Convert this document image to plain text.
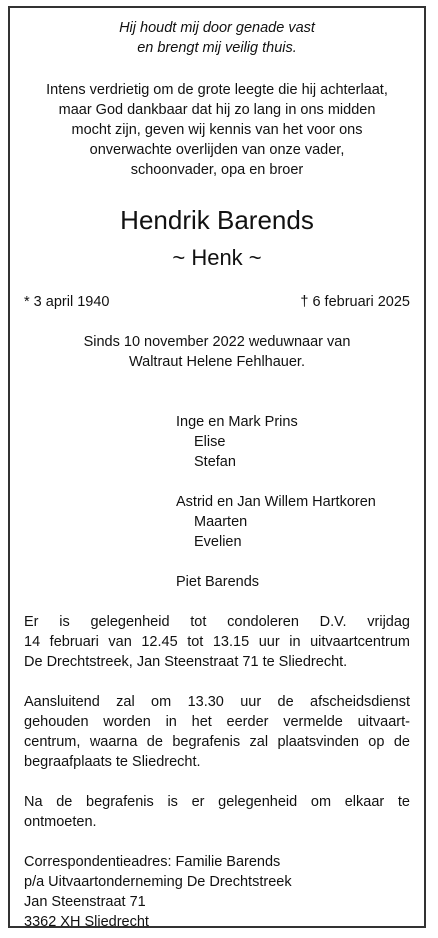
Hij houdt mij door genade vast
en brengt mij veilig thuis.
Intens verdrietig om de grote leegte die hij achterlaat,
maar God dankbaar dat hij zo lang in ons midden
mocht zijn, geven wij kennis van het voor ons
onverwachte overlijden van onze vader,
schoonvader, opa en broer
Hendrik Barends
~ Henk ~
* 3 april 1940	† 6 februari 2025
Sinds 10 november 2022 weduwnaar van
Waltraut Helene Fehlhauer.
Inge en Mark Prins
Elise
Stefan
Astrid en Jan Willem Hartkoren
Maarten
Evelien
Piet Barends
Er is gelegenheid tot condoleren D.V. vrijdag
14 februari van 12.45 tot 13.15 uur in uitvaartcentrum
De Drechtstreek, Jan Steenstraat 71 te Sliedrecht.
Aansluitend zal om 13.30 uur de afscheidsdienst
gehouden worden in het eerder vermelde uitvaart-
centrum, waarna de begrafenis zal plaatsvinden op de
begraafplaats te Sliedrecht.
Na de begrafenis is er gelegenheid om elkaar te
ontmoeten.
Correspondentieadres: Familie Barends
p/a Uitvaartonderneming De Drechtstreek
Jan Steenstraat 71
3362 XH Sliedrecht
